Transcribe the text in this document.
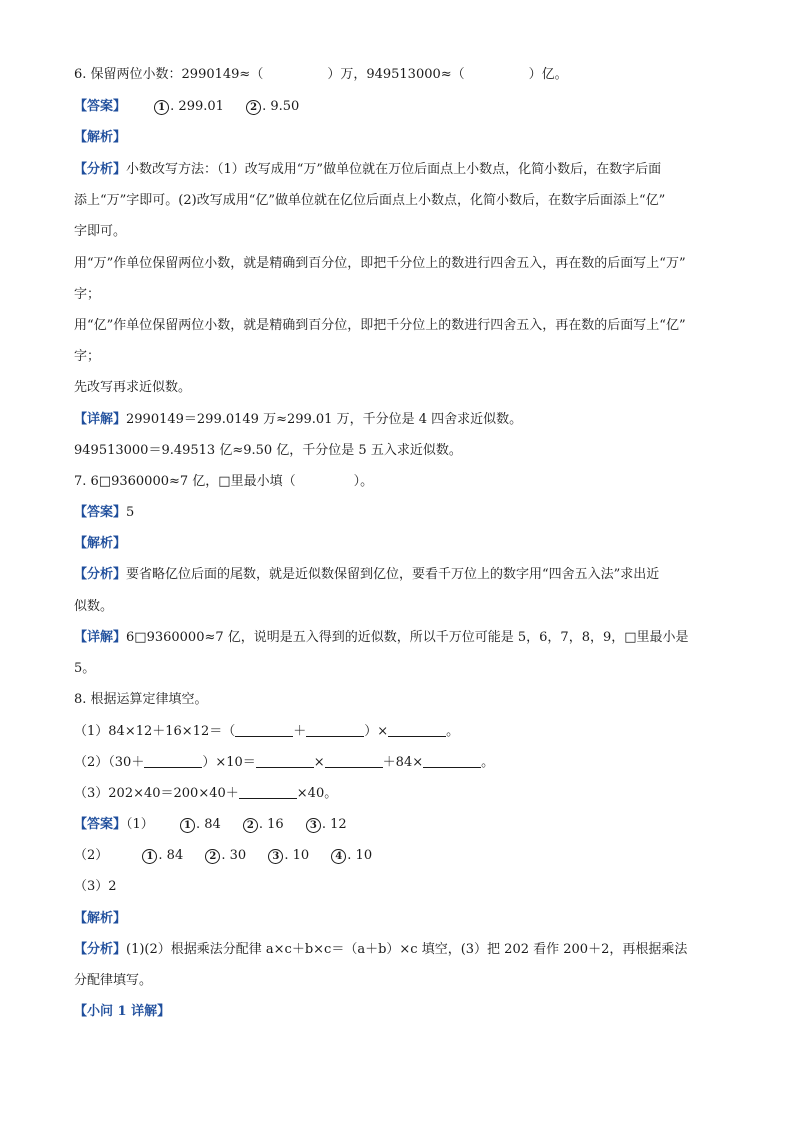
6. 保留两位小数：2990149≈（	）万，949513000≈（	）亿。
【答案】	1 . 299.01	2 . 9.50
【解析】
【分析】小数改写方法：（1）改写成用“万”做单位就在万位后面点上小数点，化简小数后，在数字后面
添上“万”字即可。(2)改写成用“亿”做单位就在亿位后面点上小数点，化简小数后，在数字后面添上“亿”
字即可。
用“万”作单位保留两位小数，就是精确到百分位，即把千分位上的数进行四舍五入，再在数的后面写上“万”
字；
用“亿”作单位保留两位小数，就是精确到百分位，即把千分位上的数进行四舍五入，再在数的后面写上“亿”
字；
先改写再求近似数。
【详解】2990149＝299.0149 万≈299.01 万，千分位是 4 四舍求近似数。
949513000＝9.49513 亿≈9.50 亿，千分位是 5 五入求近似数。
7. 6□9360000≈7 亿，□里最小填（	）。
【答案】5
【解析】
【分析】要省略亿位后面的尾数，就是近似数保留到亿位，要看千万位上的数字用“四舍五入法”求出近
似数。
【详解】6□9360000≈7 亿，说明是五入得到的近似数，所以千万位可能是 5，6，7，8，9，□里最小是
5。
8. 根据运算定律填空。
（1）84×12＋16×12＝（	＋	）×	。
（2）（30＋	）×10＝	×	＋84×	。
（3）202×40＝200×40＋	×40。
【答案】（1）	1 . 84	2 . 16	3 . 12
（2）	1 . 84	2 . 30	3 . 10	4 . 10
（3）2
【解析】
【分析】(1)(2）根据乘法分配律 a×c＋b×c＝（a＋b）×c 填空，(3）把 202 看作 200＋2，再根据乘法
分配律填写。
【小问 1 详解】
